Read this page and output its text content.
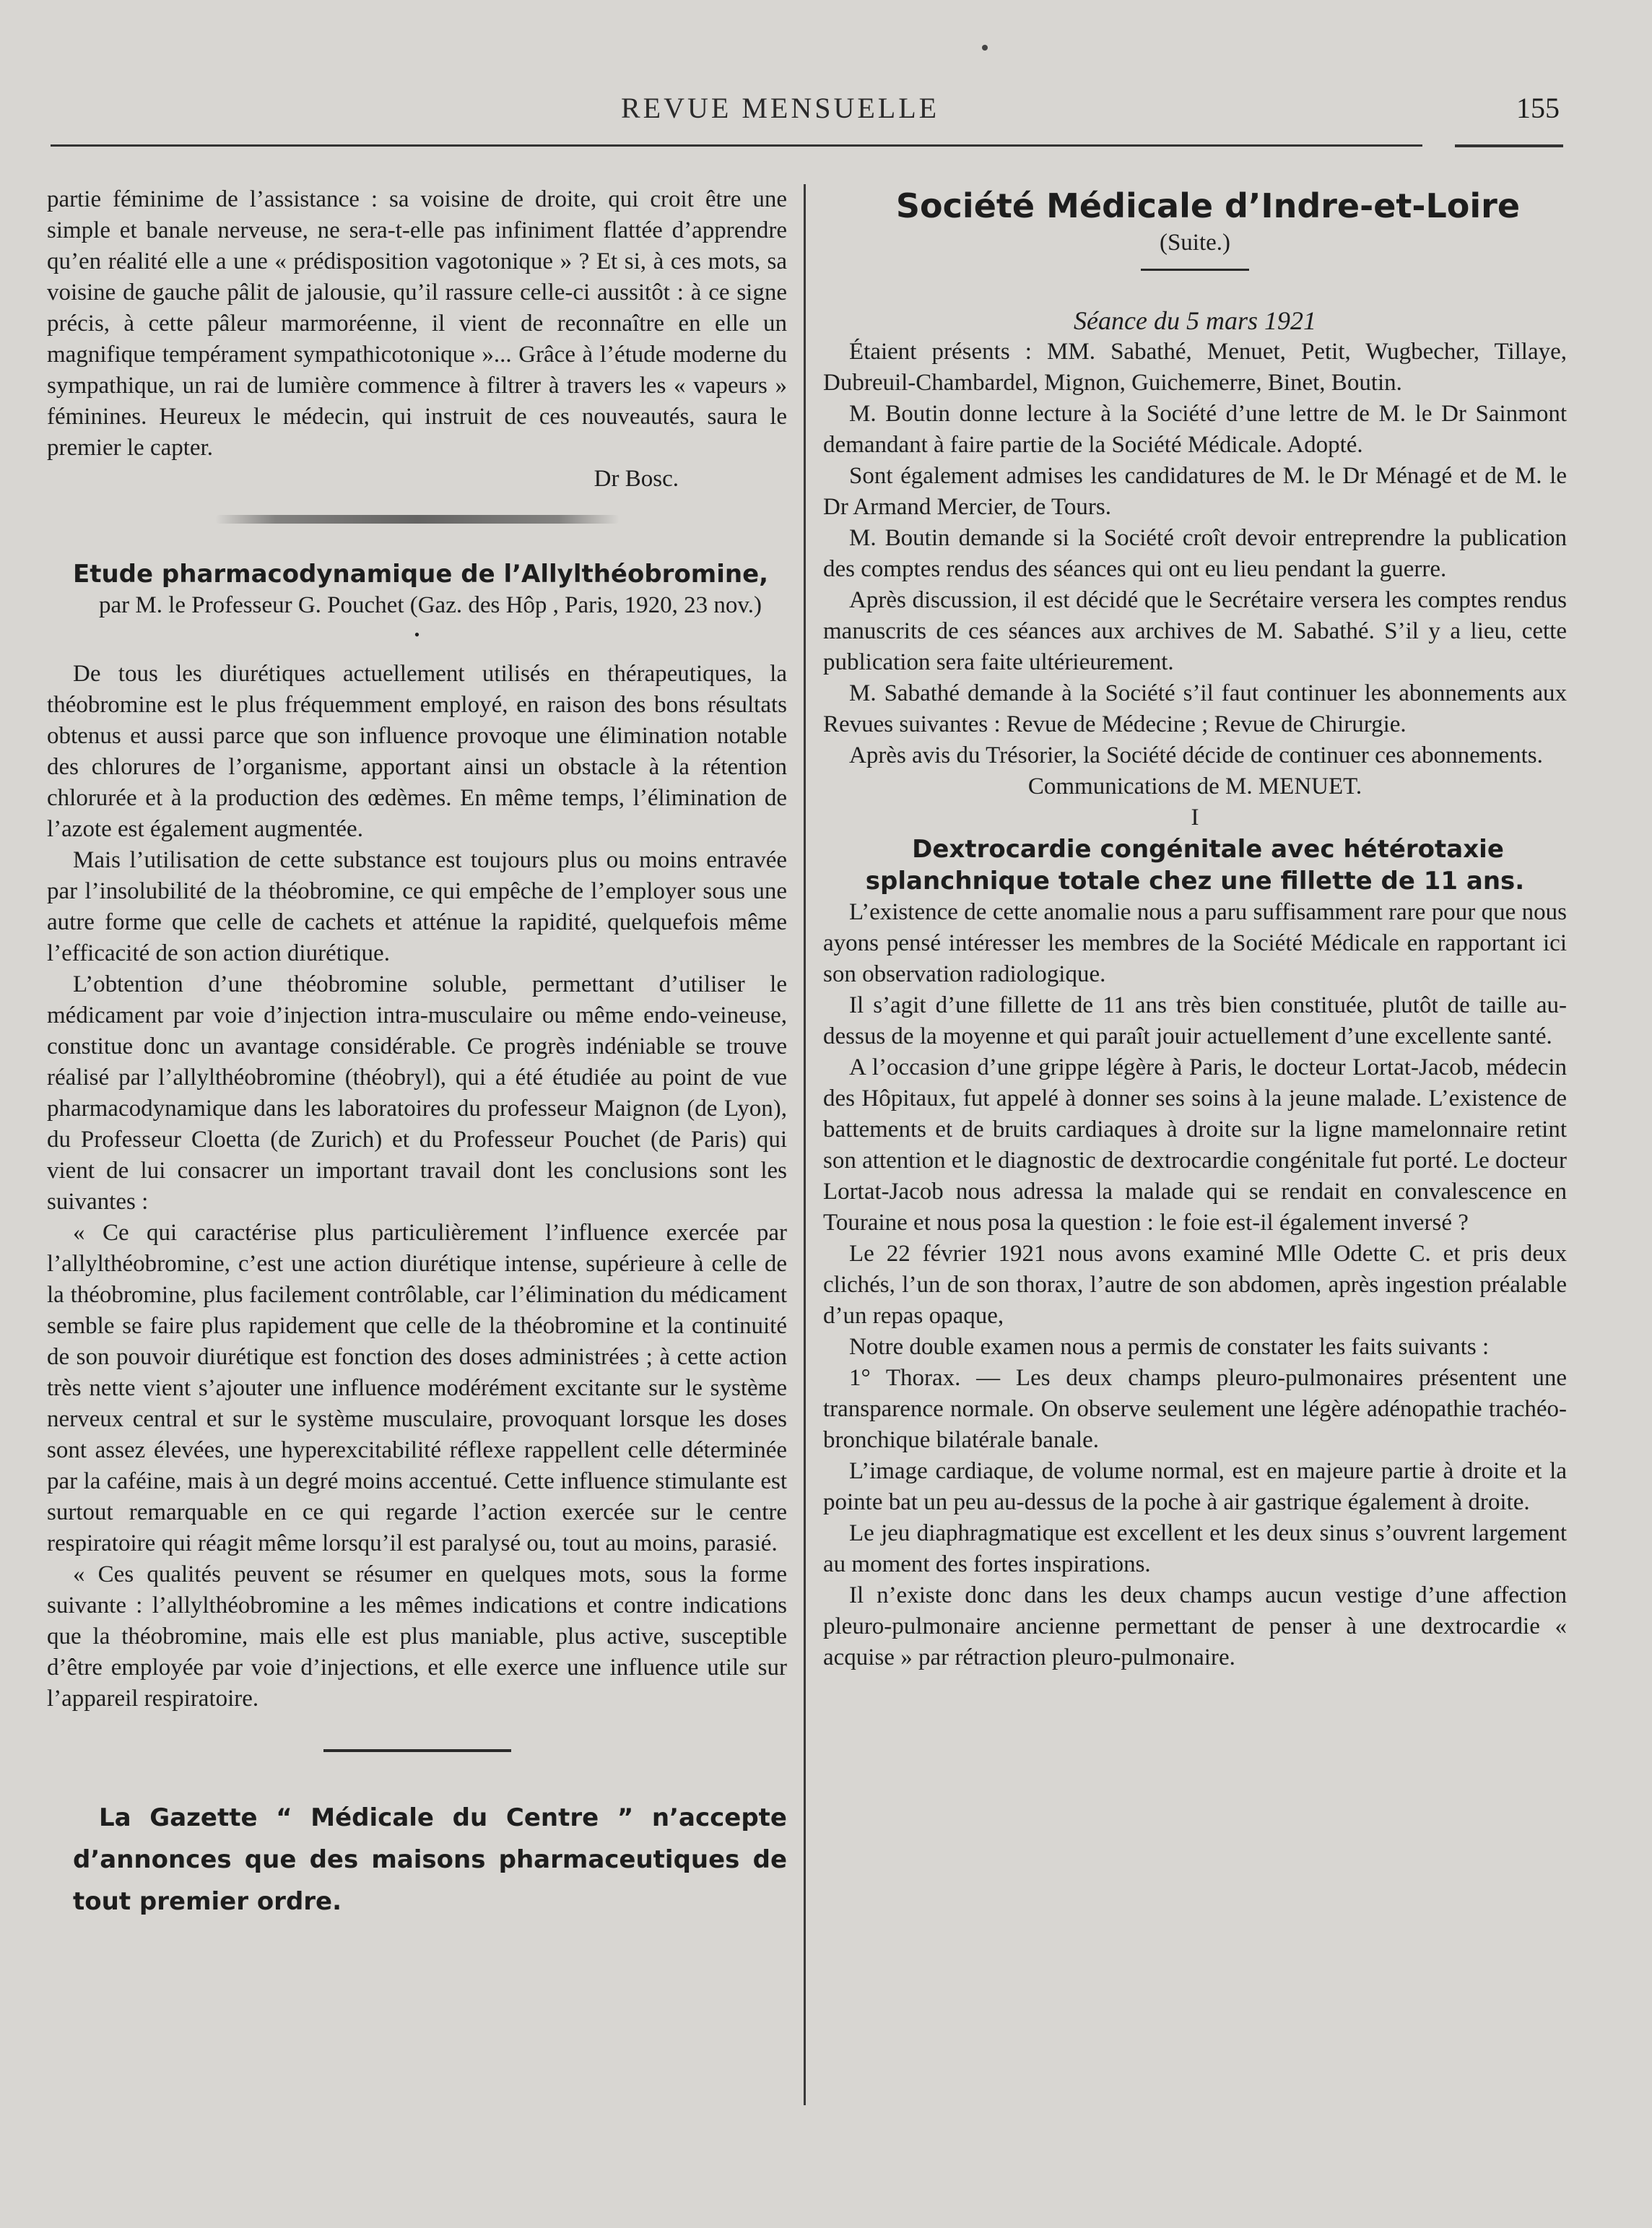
REVUE MENSUELLE	155

partie féminime de l’assistance : sa voisine de droite, qui croit être une simple et banale nerveuse, ne sera-t-elle pas infiniment flattée d’apprendre qu’en réalité elle a une « prédisposition vagotonique » ? Et si, à ces mots, sa voisine de gauche pâlit de jalousie, qu’il rassure celle-ci aussitôt : à ce signe précis, à cette pâleur marmoréenne, il vient de reconnaître en elle un magnifique tempérament sympathicotonique »... Grâce à l’étude moderne du sympathique, un rai de lumière commence à filtrer à travers les « vapeurs » féminines. Heureux le médecin, qui instruit de ces nouveautés, saura le premier le capter.

Dr Bosc.

Etude pharmacodynamique de l’Allylthéobromine,

par M. le Professeur G. Pouchet (Gaz. des Hôp , Paris, 1920, 23 nov.)

•

De tous les diurétiques actuellement utilisés en thérapeutiques, la théobromine est le plus fréquemment employé, en raison des bons résultats obtenus et aussi parce que son influence provoque une élimination notable des chlorures de l’organisme, apportant ainsi un obstacle à la rétention chlorurée et à la production des œdèmes. En même temps, l’élimination de l’azote est également augmentée.

Mais l’utilisation de cette substance est toujours plus ou moins entravée par l’insolubilité de la théobromine, ce qui empêche de l’employer sous une autre forme que celle de cachets et atténue la rapidité, quelquefois même l’efficacité de son action diurétique.

L’obtention d’une théobromine soluble, permettant d’utiliser le médicament par voie d’injection intra-musculaire ou même endo-veineuse, constitue donc un avantage considérable. Ce progrès indéniable se trouve réalisé par l’allylthéobromine (théobryl), qui a été étudiée au point de vue pharmacodynamique dans les laboratoires du professeur Maignon (de Lyon), du Professeur Cloetta (de Zurich) et du Professeur Pouchet (de Paris) qui vient de lui consacrer un important travail dont les conclusions sont les suivantes :

« Ce qui caractérise plus particulièrement l’influence exercée par l’allylthéobromine, c’est une action diurétique intense, supérieure à celle de la théobromine, plus facilement contrôlable, car l’élimination du médicament semble se faire plus rapidement que celle de la théobromine et la continuité de son pouvoir diurétique est fonction des doses administrées ; à cette action très nette vient s’ajouter une influence modérément excitante sur le système nerveux central et sur le système musculaire, provoquant lorsque les doses sont assez élevées, une hyperexcitabilité réflexe rappellent celle déterminée par la caféine, mais à un degré moins accentué. Cette influence stimulante est surtout remarquable en ce qui regarde l’action exercée sur le centre respiratoire qui réagit même lorsqu’il est paralysé ou, tout au moins, parasié.

« Ces qualités peuvent se résumer en quelques mots, sous la forme suivante : l’allylthéobromine a les mêmes indications et contre indications que la théobromine, mais elle est plus maniable, plus active, susceptible d’être employée par voie d’injections, et elle exerce une influence utile sur l’appareil respiratoire.

La Gazette “ Médicale du Centre ” n’accepte d’annonces que des maisons pharmaceutiques de tout premier ordre.

Société Médicale d’Indre-et-Loire

(Suite.)

Séance du 5 mars 1921

Étaient présents : MM. Sabathé, Menuet, Petit, Wugbecher, Tillaye, Dubreuil-Chambardel, Mignon, Guichemerre, Binet, Boutin.

M. Boutin donne lecture à la Société d’une lettre de M. le Dr Sainmont demandant à faire partie de la Société Médicale. Adopté.

Sont également admises les candidatures de M. le Dr Ménagé et de M. le Dr Armand Mercier, de Tours.

M. Boutin demande si la Société croît devoir entreprendre la publication des comptes rendus des séances qui ont eu lieu pendant la guerre.

Après discussion, il est décidé que le Secrétaire versera les comptes rendus manuscrits de ces séances aux archives de M. Sabathé. S’il y a lieu, cette publication sera faite ultérieurement.

M. Sabathé demande à la Société s’il faut continuer les abonnements aux Revues suivantes : Revue de Médecine ; Revue de Chirurgie.

Après avis du Trésorier, la Société décide de continuer ces abonnements.

Communications de M. MENUET.

I

Dextrocardie congénitale avec hétérotaxie splanchnique totale chez une fillette de 11 ans.

L’existence de cette anomalie nous a paru suffisamment rare pour que nous ayons pensé intéresser les membres de la Société Médicale en rapportant ici son observation radiologique.

Il s’agit d’une fillette de 11 ans très bien constituée, plutôt de taille au-dessus de la moyenne et qui paraît jouir actuellement d’une excellente santé.

A l’occasion d’une grippe légère à Paris, le docteur Lortat-Jacob, médecin des Hôpitaux, fut appelé à donner ses soins à la jeune malade. L’existence de battements et de bruits cardiaques à droite sur la ligne mamelonnaire retint son attention et le diagnostic de dextrocardie congénitale fut porté. Le docteur Lortat-Jacob nous adressa la malade qui se rendait en convalescence en Touraine et nous posa la question : le foie est-il également inversé ?

Le 22 février 1921 nous avons examiné Mlle Odette C. et pris deux clichés, l’un de son thorax, l’autre de son abdomen, après ingestion préalable d’un repas opaque,

Notre double examen nous a permis de constater les faits suivants :

1° Thorax. — Les deux champs pleuro-pulmonaires présentent une transparence normale. On observe seulement une légère adénopathie trachéo-bronchique bilatérale banale.

L’image cardiaque, de volume normal, est en majeure partie à droite et la pointe bat un peu au-dessus de la poche à air gastrique également à droite.

Le jeu diaphragmatique est excellent et les deux sinus s’ouvrent largement au moment des fortes inspirations.

Il n’existe donc dans les deux champs aucun vestige d’une affection pleuro-pulmonaire ancienne permettant de penser à une dextrocardie « acquise » par rétraction pleuro-pulmonaire.
